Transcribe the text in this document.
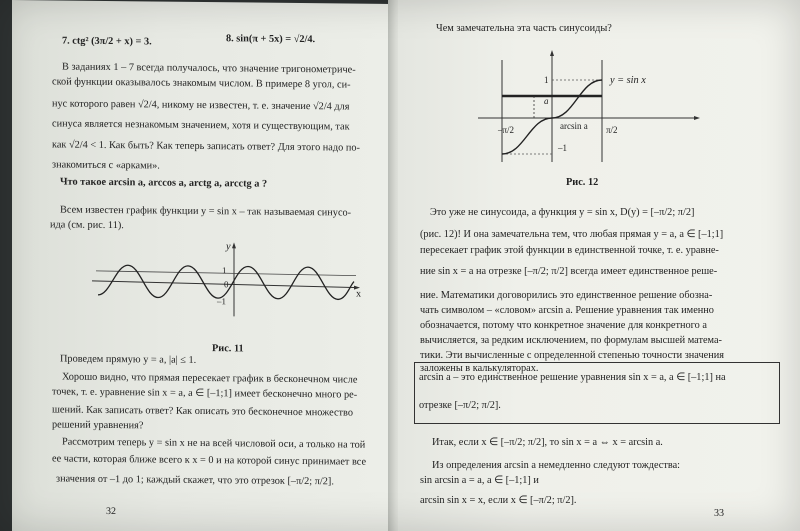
7. ctg² (3π/2 + x) = 3.	8. sin(π + 5x) = √2/4.
В заданиях 1 – 7 всегда получалось, что значение тригонометриче-
ской функции оказывалось знакомым числом. В примере 8 угол, си-
нус которого равен √2/4, никому не известен, т. е. значение √2/4 для
синуса является незнакомым значением, хотя и существующим, так
как √2/4 < 1. Как быть? Как теперь записать ответ? Для этого надо по-
знакомиться с «арками».
Что такое arcsin a, arccos a, arctg a, arcctg a ?
Всем известен график функции y = sin x – так называемая синусо-
ида (см. рис. 11).
y
x
1
0
–1
Рис. 11
Проведем прямую y = a, |a| ≤ 1.
Хорошо видно, что прямая пересекает график в бесконечном числе
точек, т. е. уравнение sin x = a, a ∈ [–1;1] имеет бесконечно много ре-
шений. Как записать ответ? Как описать это бесконечное множество
решений уравнения?
Рассмотрим теперь y = sin x не на всей числовой оси, а только на той
ее части, которая ближе всего к x = 0 и на которой синус принимает все
значения от –1 до 1; каждый скажет, что это отрезок [–π/2; π/2].
32
Чем замечательна эта часть синусоиды?
y = sin x
1
a
–1
–π/2	π/2
arcsin a
Рис. 12
Это уже не синусоида, а функция y = sin x, D(y) = [–π/2; π/2]
(рис. 12)! И она замечательна тем, что любая прямая y = a, a ∈ [–1;1]
пересекает график этой функции в единственной точке, т. е. уравне-
ние sin x = a на отрезке [–π/2; π/2] всегда имеет единственное реше-
ние. Математики договорились это единственное решение обозна-
чать символом – «словом» arcsin a. Решение уравнения так именно
обозначается, потому что конкретное значение для конкретного a
вычисляется, за редким исключением, по формулам высшей матема-
тики. Эти вычисленные с определенной степенью точности значения
заложены в калькуляторах.
arcsin a – это единственное решение уравнения sin x = a, a ∈ [–1;1] на
отрезке [–π/2; π/2].
Итак, если x ∈ [–π/2; π/2], то sin x = a ⇔ x = arcsin a.
Из определения arcsin a немедленно следуют тождества:
sin arcsin a = a, a ∈ [–1;1] и
arcsin sin x = x, если x ∈ [–π/2; π/2].
33
